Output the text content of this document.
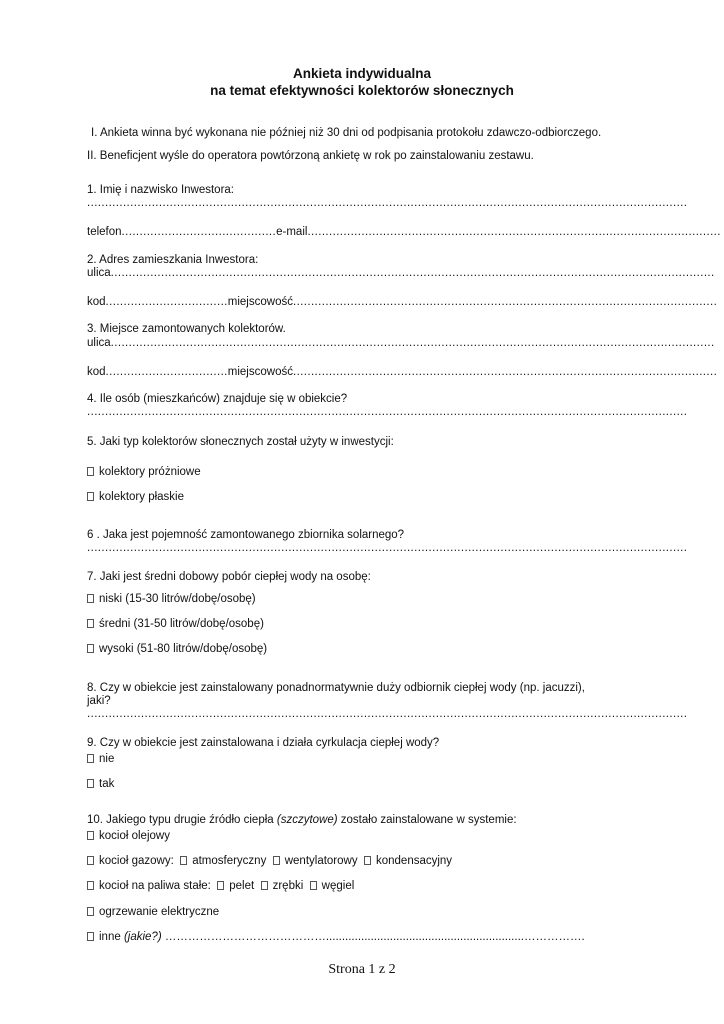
Ankieta indywidualna
na temat efektywności kolektorów słonecznych
I. Ankieta winna być wykonana nie później niż 30 dni od podpisania protokołu zdawczo-odbiorczego.
II. Beneficjent wyśle do operatora powtórzoną ankietę w rok po zainstalowaniu zestawu.
1. Imię i nazwisko Inwestora:
.......................................................................................................................................................................
telefon ........................................... e-mail ...................................................................................................................
2. Adres zamieszkania Inwestora:
ulica ........................................................................................................................................................................
kod .................................. miejscowość ......................................................................................................................
3. Miejsce zamontowanych kolektorów.
ulica ........................................................................................................................................................................
kod .................................. miejscowość ......................................................................................................................
4. Ile osób (mieszkańców) znajduje się w obiekcie?
.......................................................................................................................................................................
5. Jaki typ kolektorów słonecznych został użyty w inwestycji:
kolektory próżniowe
kolektory płaskie
6 . Jaka jest pojemność zamontowanego zbiornika solarnego?
.......................................................................................................................................................................
7. Jaki jest średni dobowy pobór ciepłej wody na osobę:
niski (15-30 litrów/dobę/osobę)
średni (31-50 litrów/dobę/osobę)
wysoki (51-80 litrów/dobę/osobę)
8. Czy w obiekcie jest zainstalowany ponadnormatywnie duży odbiornik ciepłej wody (np. jacuzzi),
jaki?
.......................................................................................................................................................................
9. Czy w obiekcie jest zainstalowana i działa cyrkulacja ciepłej wody?
nie
tak
10. Jakiego typu drugie źródło ciepła (szczytowe) zostało zainstalowane w systemie:
kocioł olejowy
kocioł gazowy: atmosferyczny wentylatorowy kondensacyjny
kocioł na paliwa stałe: pelet zrębki węgiel
ogrzewanie elektryczne
inne (jakie?) ……………………………………..............................................................…………….
Strona 1 z 2
